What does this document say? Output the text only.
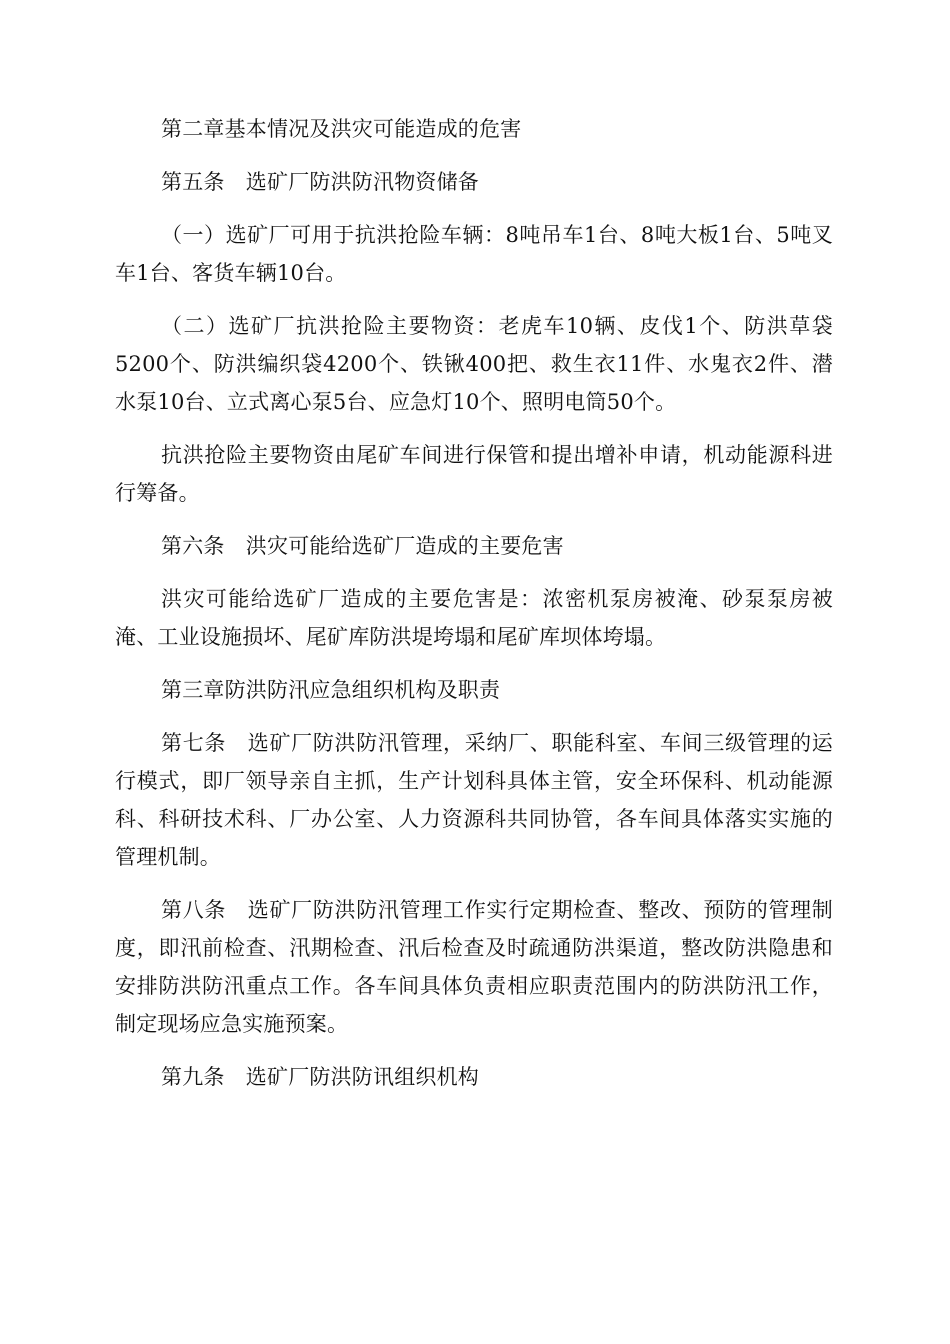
第二章基本情况及洪灾可能造成的危害

第五条　选矿厂防洪防汛物资储备

（一）选矿厂可用于抗洪抢险车辆：8吨吊车1台、8吨大板1台、5吨叉车1台、客货车辆10台。

（二）选矿厂抗洪抢险主要物资：老虎车10辆、皮伐1个、防洪草袋5200个、防洪编织袋4200个、铁锹400把、救生衣11件、水鬼衣2件、潜水泵10台、立式离心泵5台、应急灯10个、照明电筒50个。

抗洪抢险主要物资由尾矿车间进行保管和提出增补申请，机动能源科进行筹备。

第六条　洪灾可能给选矿厂造成的主要危害

洪灾可能给选矿厂造成的主要危害是：浓密机泵房被淹、砂泵泵房被淹、工业设施损坏、尾矿库防洪堤垮塌和尾矿库坝体垮塌。

第三章防洪防汛应急组织机构及职责

第七条　选矿厂防洪防汛管理，采纳厂、职能科室、车间三级管理的运行模式，即厂领导亲自主抓，生产计划科具体主管，安全环保科、机动能源科、科研技术科、厂办公室、人力资源科共同协管，各车间具体落实实施的管理机制。

第八条　选矿厂防洪防汛管理工作实行定期检查、整改、预防的管理制度，即汛前检查、汛期检查、汛后检查及时疏通防洪渠道，整改防洪隐患和安排防洪防汛重点工作。各车间具体负责相应职责范围内的防洪防汛工作，制定现场应急实施预案。

第九条　选矿厂防洪防讯组织机构
